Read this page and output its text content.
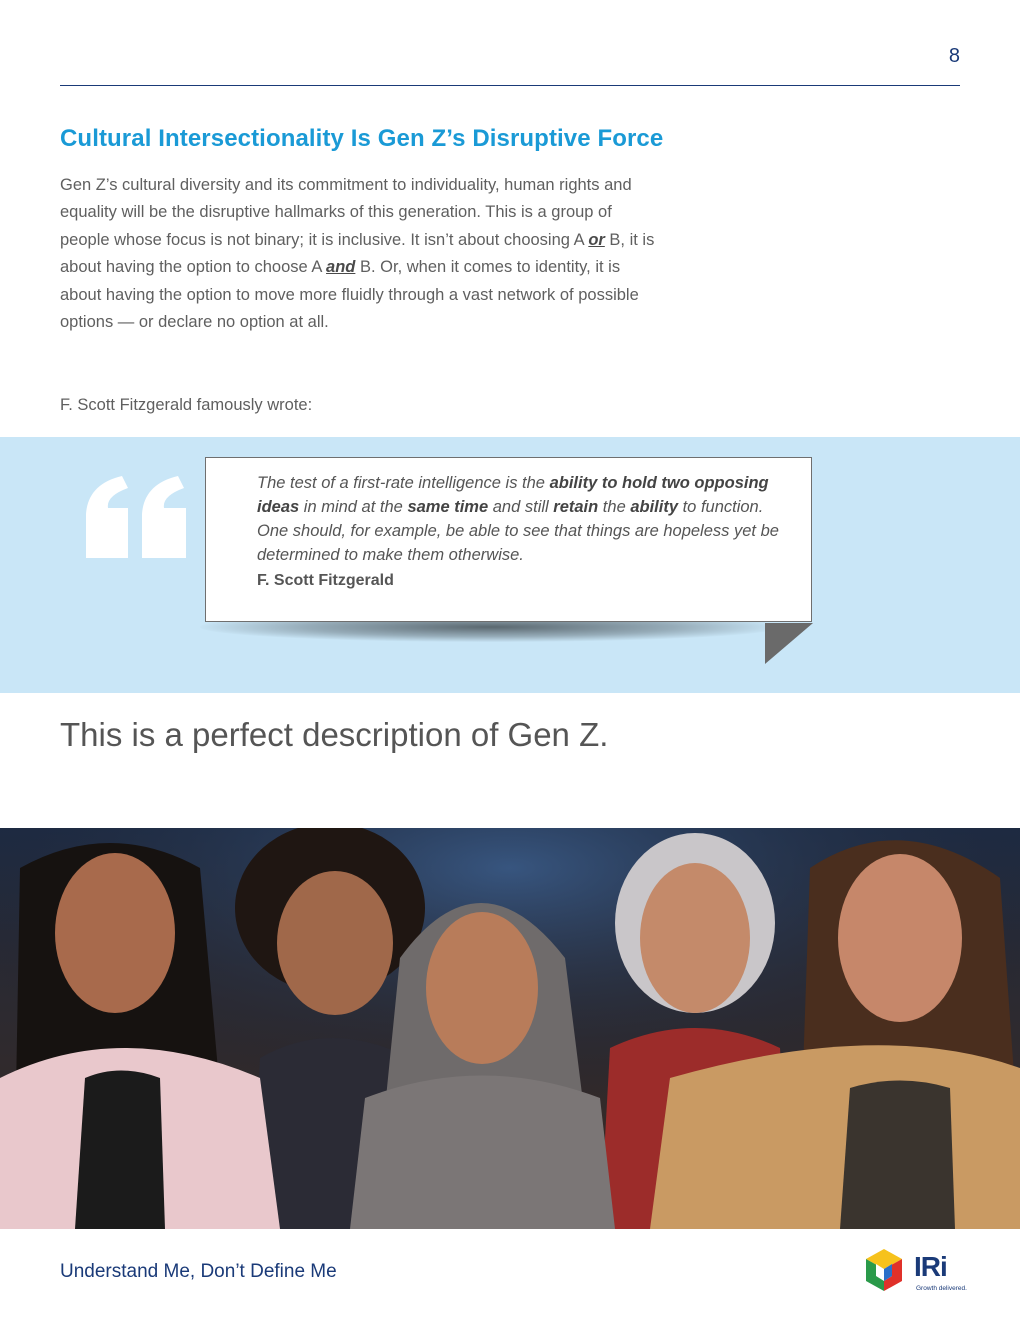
8
Cultural Intersectionality Is Gen Z’s Disruptive Force

Gen Z’s cultural diversity and its commitment to individuality, human rights and equality will be the disruptive hallmarks of this generation. This is a group of people whose focus is not binary; it is inclusive. It isn’t about choosing A or B, it is about having the option to choose A and B. Or, when it comes to identity, it is about having the option to move more fluidly through a vast network of possible options — or declare no option at all.

F. Scott Fitzgerald famously wrote:

The test of a first-rate intelligence is the ability to hold two opposing ideas in mind at the same time and still retain the ability to function. One should, for example, be able to see that things are hopeless yet be determined to make them otherwise.

F. Scott Fitzgerald

This is a perfect description of Gen Z.

Understand Me, Don’t Define Me	IRi
Growth delivered.
